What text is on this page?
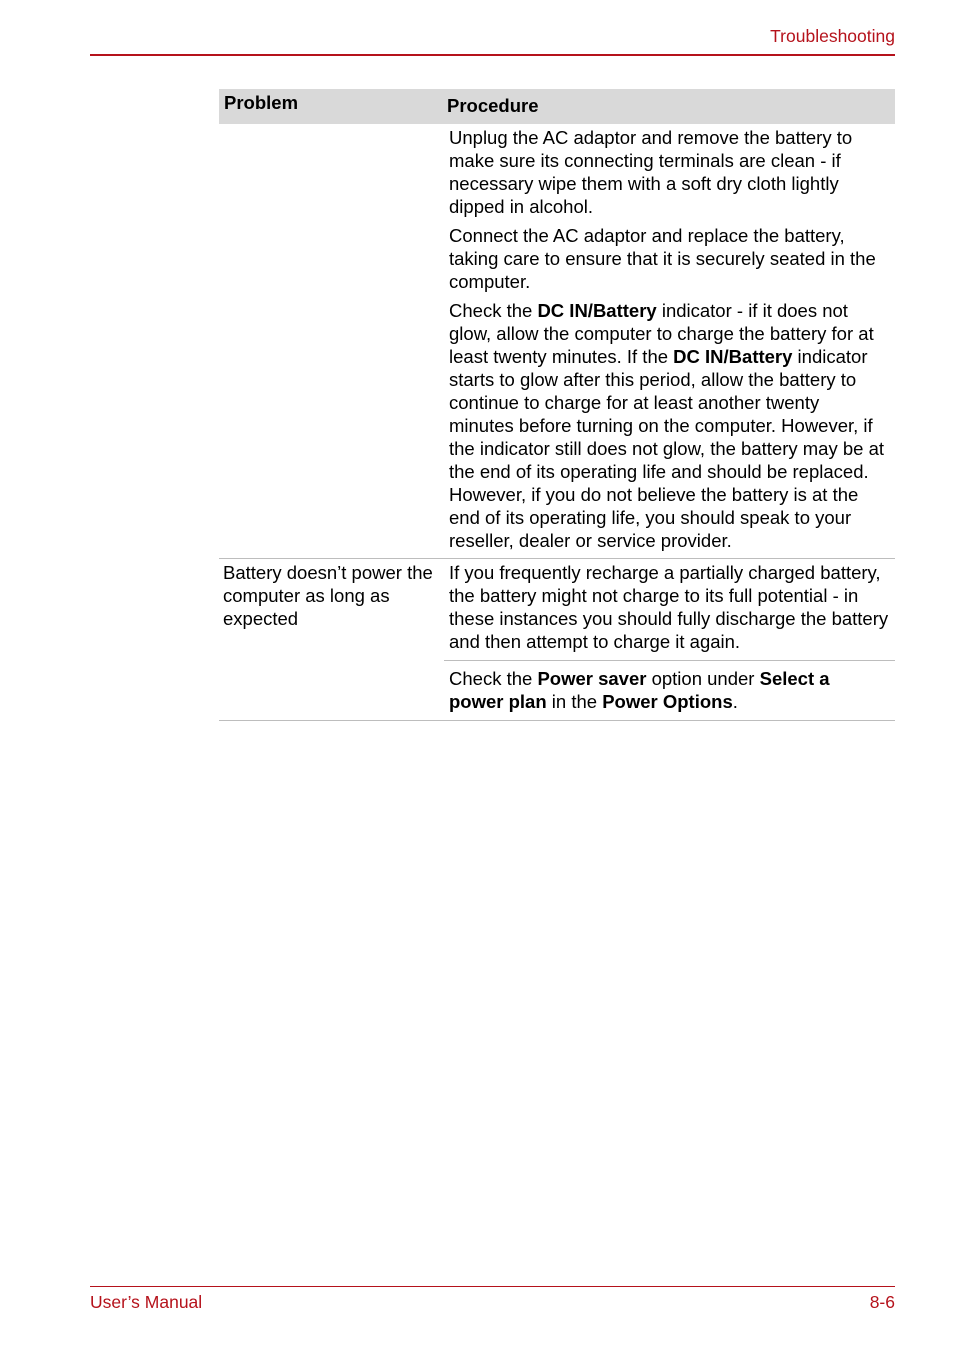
Troubleshooting
Problem	Procedure
Unplug the AC adaptor and remove the battery to make sure its connecting terminals are clean - if necessary wipe them with a soft dry cloth lightly dipped in alcohol.
Connect the AC adaptor and replace the battery, taking care to ensure that it is securely seated in the computer.
Check the DC IN/Battery indicator - if it does not glow, allow the computer to charge the battery for at least twenty minutes. If the DC IN/Battery indicator starts to glow after this period, allow the battery to continue to charge for at least another twenty minutes before turning on the computer. However, if the indicator still does not glow, the battery may be at the end of its operating life and should be replaced. However, if you do not believe the battery is at the end of its operating life, you should speak to your reseller, dealer or service provider.
Battery doesn’t power the computer as long as expected
If you frequently recharge a partially charged battery, the battery might not charge to its full potential - in these instances you should fully discharge the battery and then attempt to charge it again.
Check the Power saver option under Select a power plan in the Power Options.
User’s Manual	8-6
